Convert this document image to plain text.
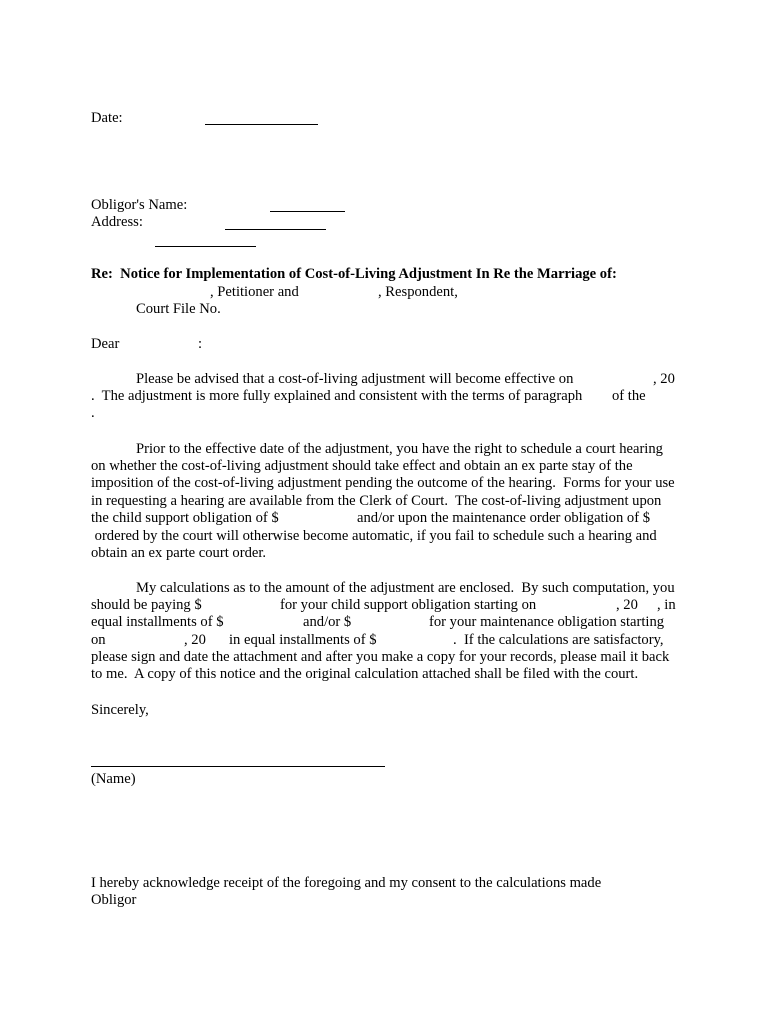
Date:
Obligor's Name:
Address:
Re:  Notice for Implementation of Cost-of-Living Adjustment In Re the Marriage of:
, Petitioner and	, Respondent,
Court File No.
Dear	:
Please be advised that a cost-of-living adjustment will become effective on	, 20
.  The adjustment is more fully explained and consistent with the terms of paragraph of the
.
Prior to the effective date of the adjustment, you have the right to schedule a court hearing
on whether the cost-of-living adjustment should take effect and obtain an ex parte stay of the
imposition of the cost-of-living adjustment pending the outcome of the hearing.  Forms for your use
in requesting a hearing are available from the Clerk of Court.  The cost-of-living adjustment upon
the child support obligation of $	and/or upon the maintenance order obligation of $
ordered by the court will otherwise become automatic, if you fail to schedule such a hearing and
obtain an ex parte court order.
My calculations as to the amount of the adjustment are enclosed.  By such computation, you
should be paying $	for your child support obligation starting on	, 20 , in
equal installments of $	and/or $	for your maintenance obligation starting
on	, 20 in equal installments of $	.  If the calculations are satisfactory,
please sign and date the attachment and after you make a copy for your records, please mail it back
to me.  A copy of this notice and the original calculation attached shall be filed with the court.
Sincerely,
(Name)
I hereby acknowledge receipt of the foregoing and my consent to the calculations made
Obligor
